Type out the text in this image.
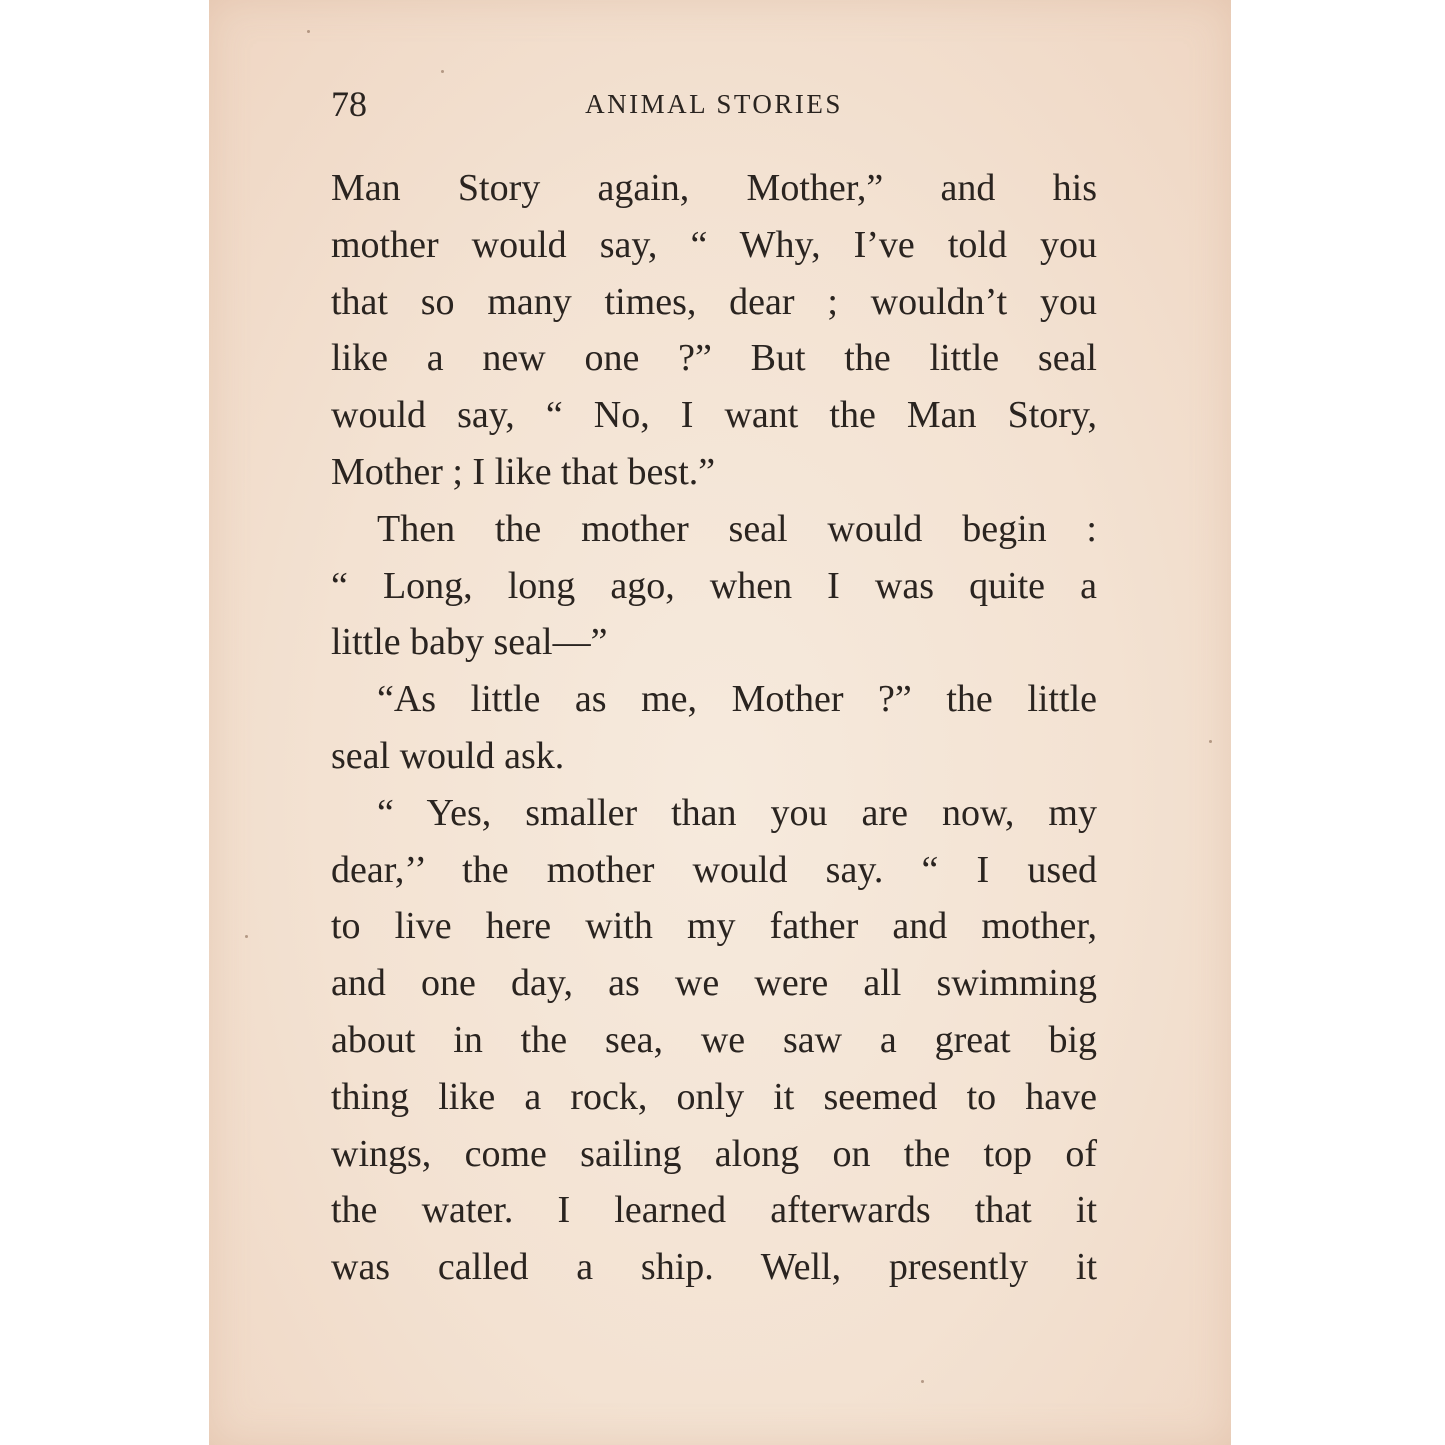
78	ANIMAL STORIES
Man Story again, Mother,” and his
mother would say, “ Why, I’ve told you
that so many times, dear ; wouldn’t you
like a new one ?” But the little seal
would say, “ No, I want the Man Story,
Mother ; I like that best.”
Then the mother seal would begin :
“ Long, long ago, when I was quite a
little baby seal—”
“As little as me, Mother ?” the little
seal would ask.
“ Yes, smaller than you are now, my
dear,’’ the mother would say. “ I used
to live here with my father and mother,
and one day, as we were all swimming
about in the sea, we saw a great big
thing like a rock, only it seemed to have
wings, come sailing along on the top of
the water. I learned afterwards that it
was called a ship. Well, presently it
